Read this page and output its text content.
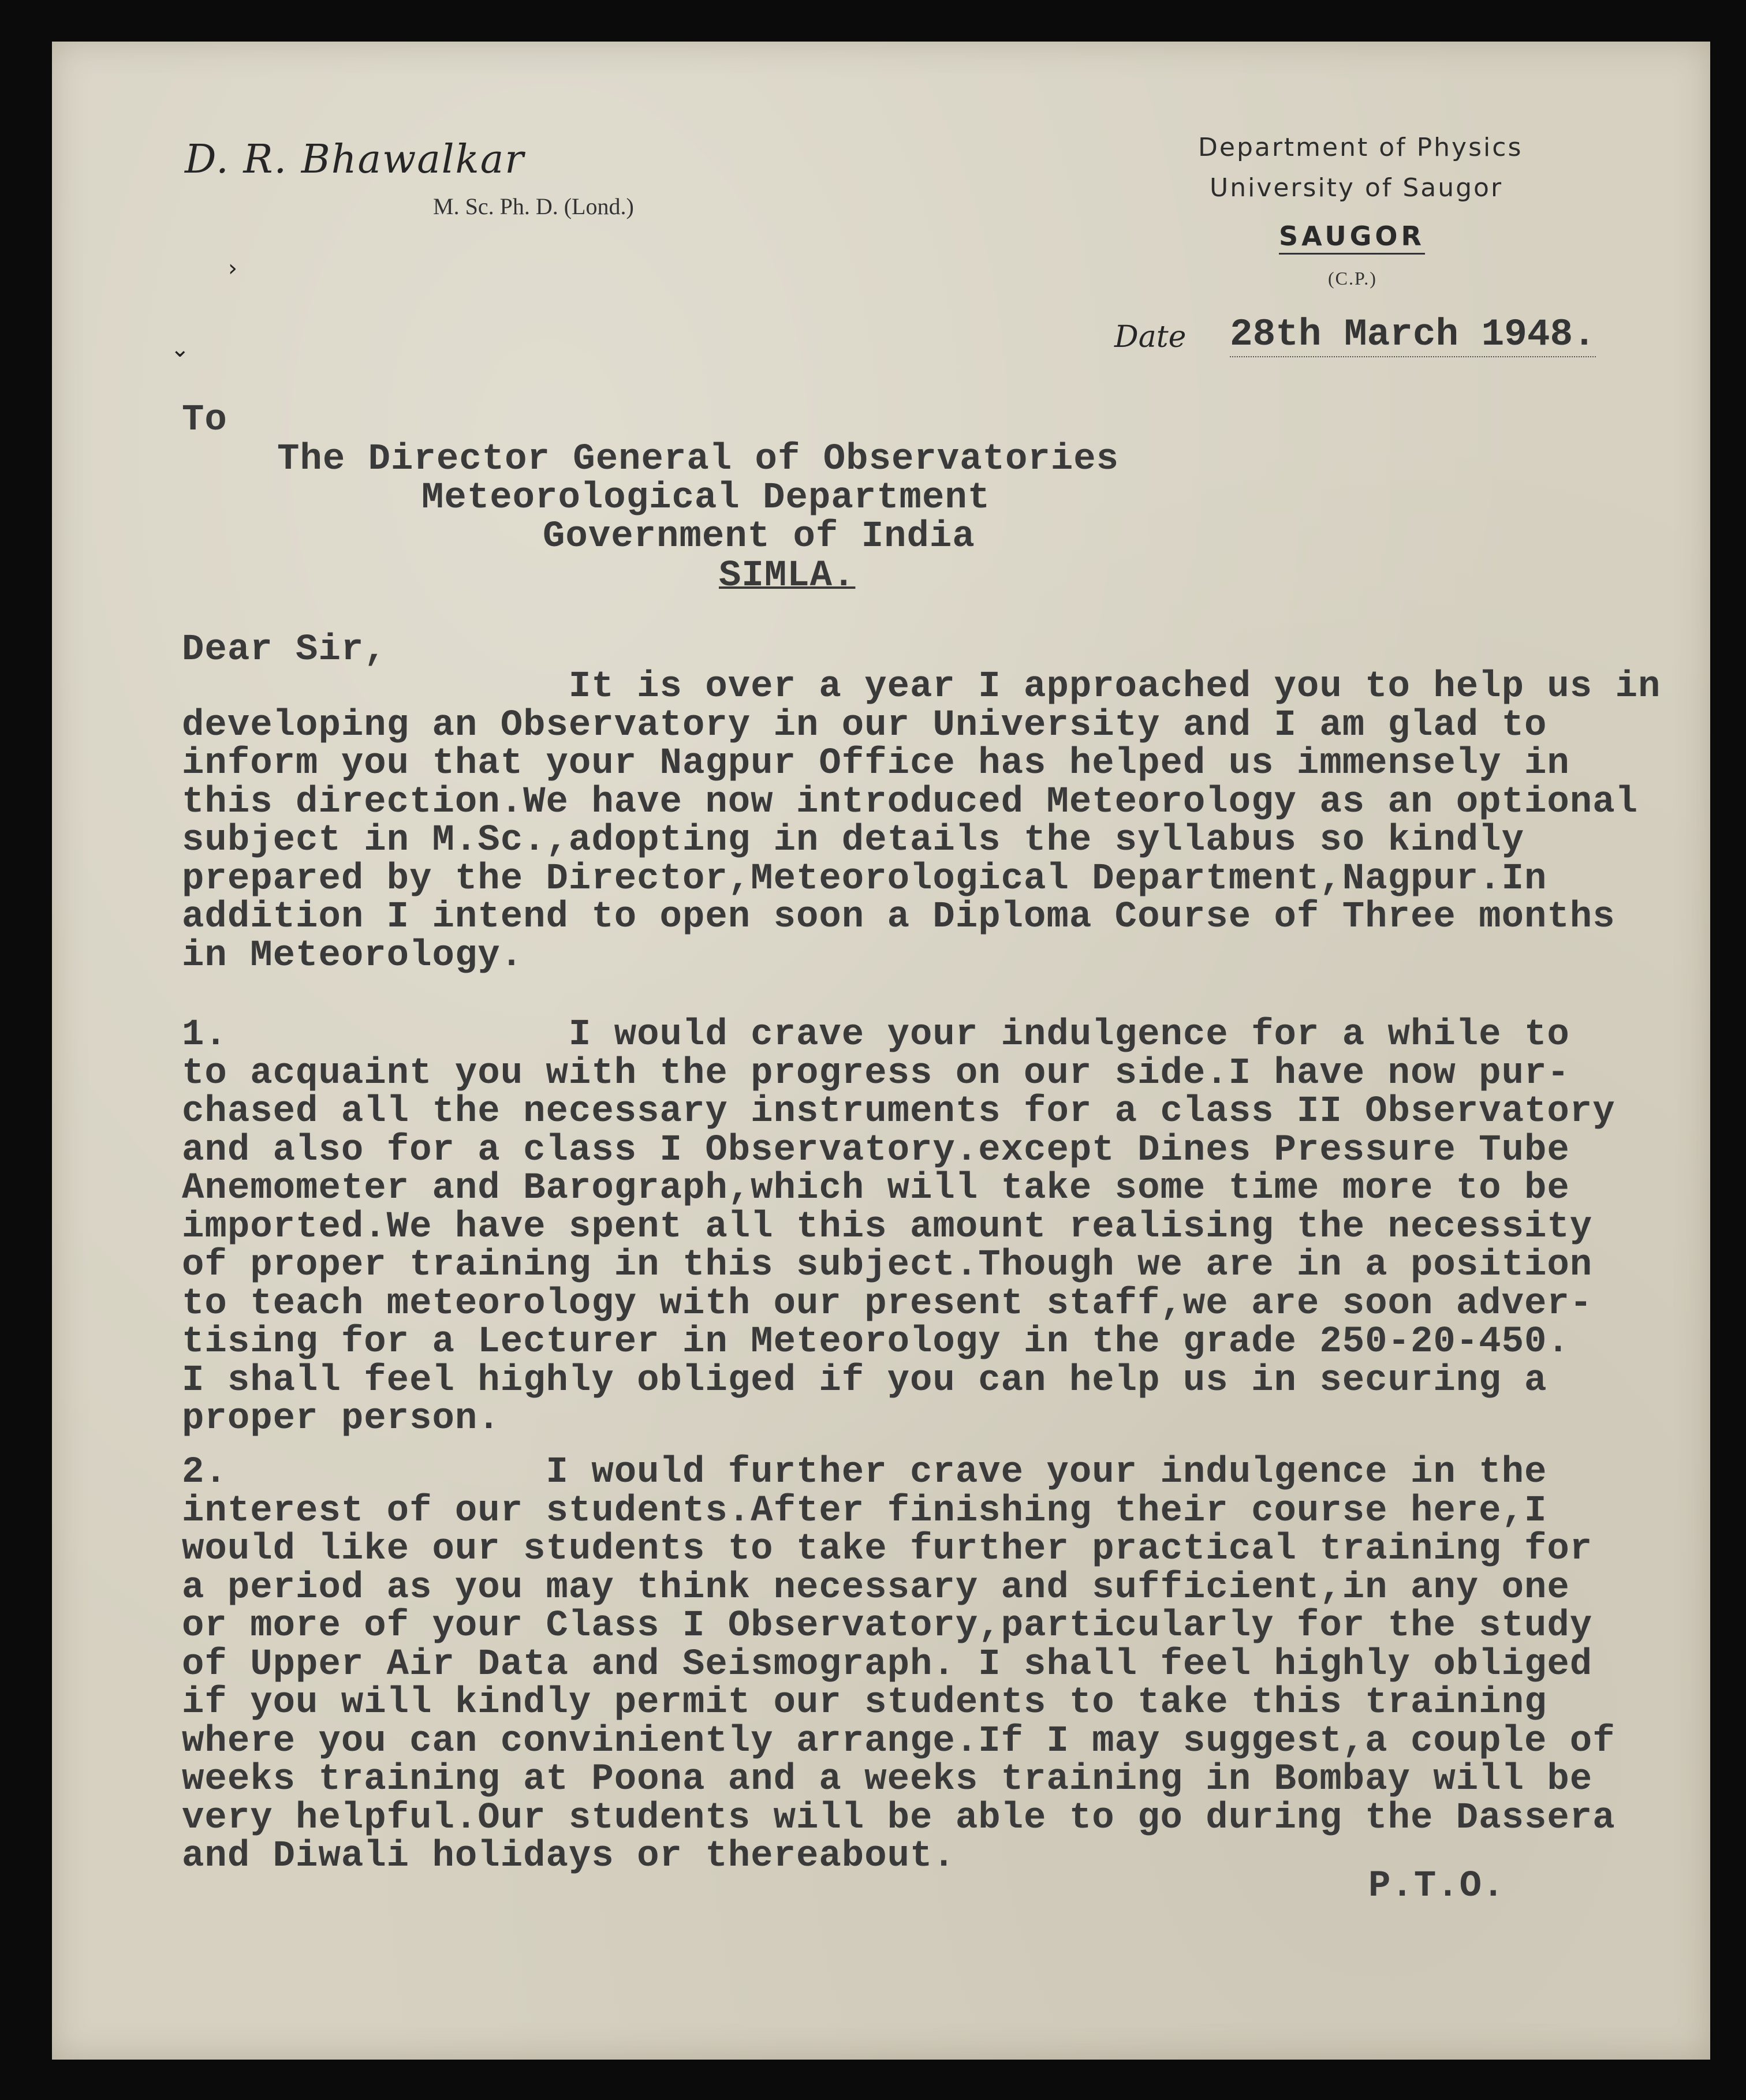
D. R. Bhawalkar
M. Sc. Ph. D. (Lond.)
Department of Physics
University of Saugor
SAUGOR
(C.P.)
Date 28th March 1948.
To
The Director General of Observatories
Meteorological Department
Government of India
SIMLA.
Dear Sir,
It is over a year I approached you to help us in
developing an Observatory in our University and I am glad to
inform you that your Nagpur Office has helped us immensely in
this direction.We have now introduced Meteorology as an optional
subject in M.Sc.,adopting in details the syllabus so kindly
prepared by the Director,Meteorological Department,Nagpur.In
addition I intend to open soon a Diploma Course of Three months
in Meteorology.
1.               I would crave your indulgence for a while to
to acquaint you with the progress on our side.I have now pur-
chased all the necessary instruments for a class II Observatory
and also for a class I Observatory.except Dines Pressure Tube
Anemometer and Barograph,which will take some time more to be
imported.We have spent all this amount realising the necessity
of proper training in this subject.Though we are in a position
to teach meteorology with our present staff,we are soon adver-
tising for a Lecturer in Meteorology in the grade 250-20-450.
I shall feel highly obliged if you can help us in securing a
proper person.
2.              I would further crave your indulgence in the
interest of our students.After finishing their course here,I
would like our students to take further practical training for
a period as you may think necessary and sufficient,in any one
or more of your Class I Observatory,particularly for the study
of Upper Air Data and Seismograph. I shall feel highly obliged
if you will kindly permit our students to take this training
where you can conviniently arrange.If I may suggest,a couple of
weeks training at Poona and a weeks training in Bombay will be
very helpful.Our students will be able to go during the Dassera
and Diwali holidays or thereabout.
P.T.O.
›
⌄
